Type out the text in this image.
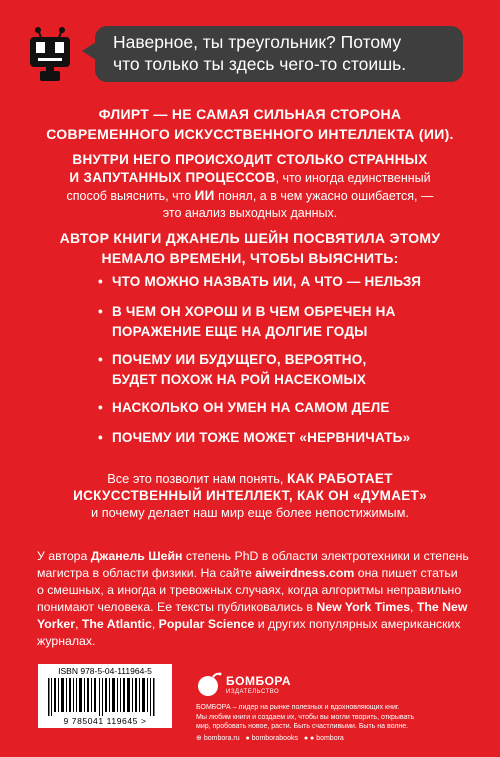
Наверное, ты треугольник? Потому
что только ты здесь чего-то стоишь.
ФЛИРТ — НЕ САМАЯ СИЛЬНАЯ СТОРОНА
СОВРЕМЕННОГО ИСКУССТВЕННОГО ИНТЕЛЛЕКТА (ИИ).
ВНУТРИ НЕГО ПРОИСХОДИТ СТОЛЬКО СТРАННЫХ
И ЗАПУТАННЫХ ПРОЦЕССОВ, что иногда единственный
способ выяснить, что ИИ понял, а в чем ужасно ошибается, —
это анализ выходных данных.
АВТОР КНИГИ ДЖАНЕЛЬ ШЕЙН ПОСВЯТИЛА ЭТОМУ
НЕМАЛО ВРЕМЕНИ, ЧТОБЫ ВЫЯСНИТЬ:
• ЧТО МОЖНО НАЗВАТЬ ИИ, А ЧТО — НЕЛЬЗЯ
• В ЧЕМ ОН ХОРОШ И В ЧЕМ ОБРЕЧЕН НА
ПОРАЖЕНИЕ ЕЩЕ НА ДОЛГИЕ ГОДЫ
• ПОЧЕМУ ИИ БУДУЩЕГО, ВЕРОЯТНО,
БУДЕТ ПОХОЖ НА РОЙ НАСЕКОМЫХ
• НАСКОЛЬКО ОН УМЕН НА САМОМ ДЕЛЕ
• ПОЧЕМУ ИИ ТОЖЕ МОЖЕТ «НЕРВНИЧАТЬ»
Все это позволит нам понять, КАК РАБОТАЕТ
ИСКУССТВЕННЫЙ ИНТЕЛЛЕКТ, КАК ОН «ДУМАЕТ»
и почему делает наш мир еще более непостижимым.
У автора Джанель Шейн степень PhD в области электротехники и степень
магистра в области физики. На сайте aiweirdness.com она пишет статьи
о смешных, а иногда и тревожных случаях, когда алгоритмы неправильно
понимают человека. Ее тексты публиковались в New York Times, The New
Yorker, The Atlantic, Popular Science и других популярных американских
журналах.
ISBN 978-5-04-111964-5
9 785041 119645 >
БОМБОРА
ИЗДАТЕЛЬСТВО
БОМБОРА – лидер на рынке полезных и вдохновляющих книг.
Мы любим книги и создаем их, чтобы вы могли творить, открывать
мир, пробовать новое, расти. Быть счастливыми. Быть на волне.
⊕ bombora.ru ● bomborabooks ● ● bombora
